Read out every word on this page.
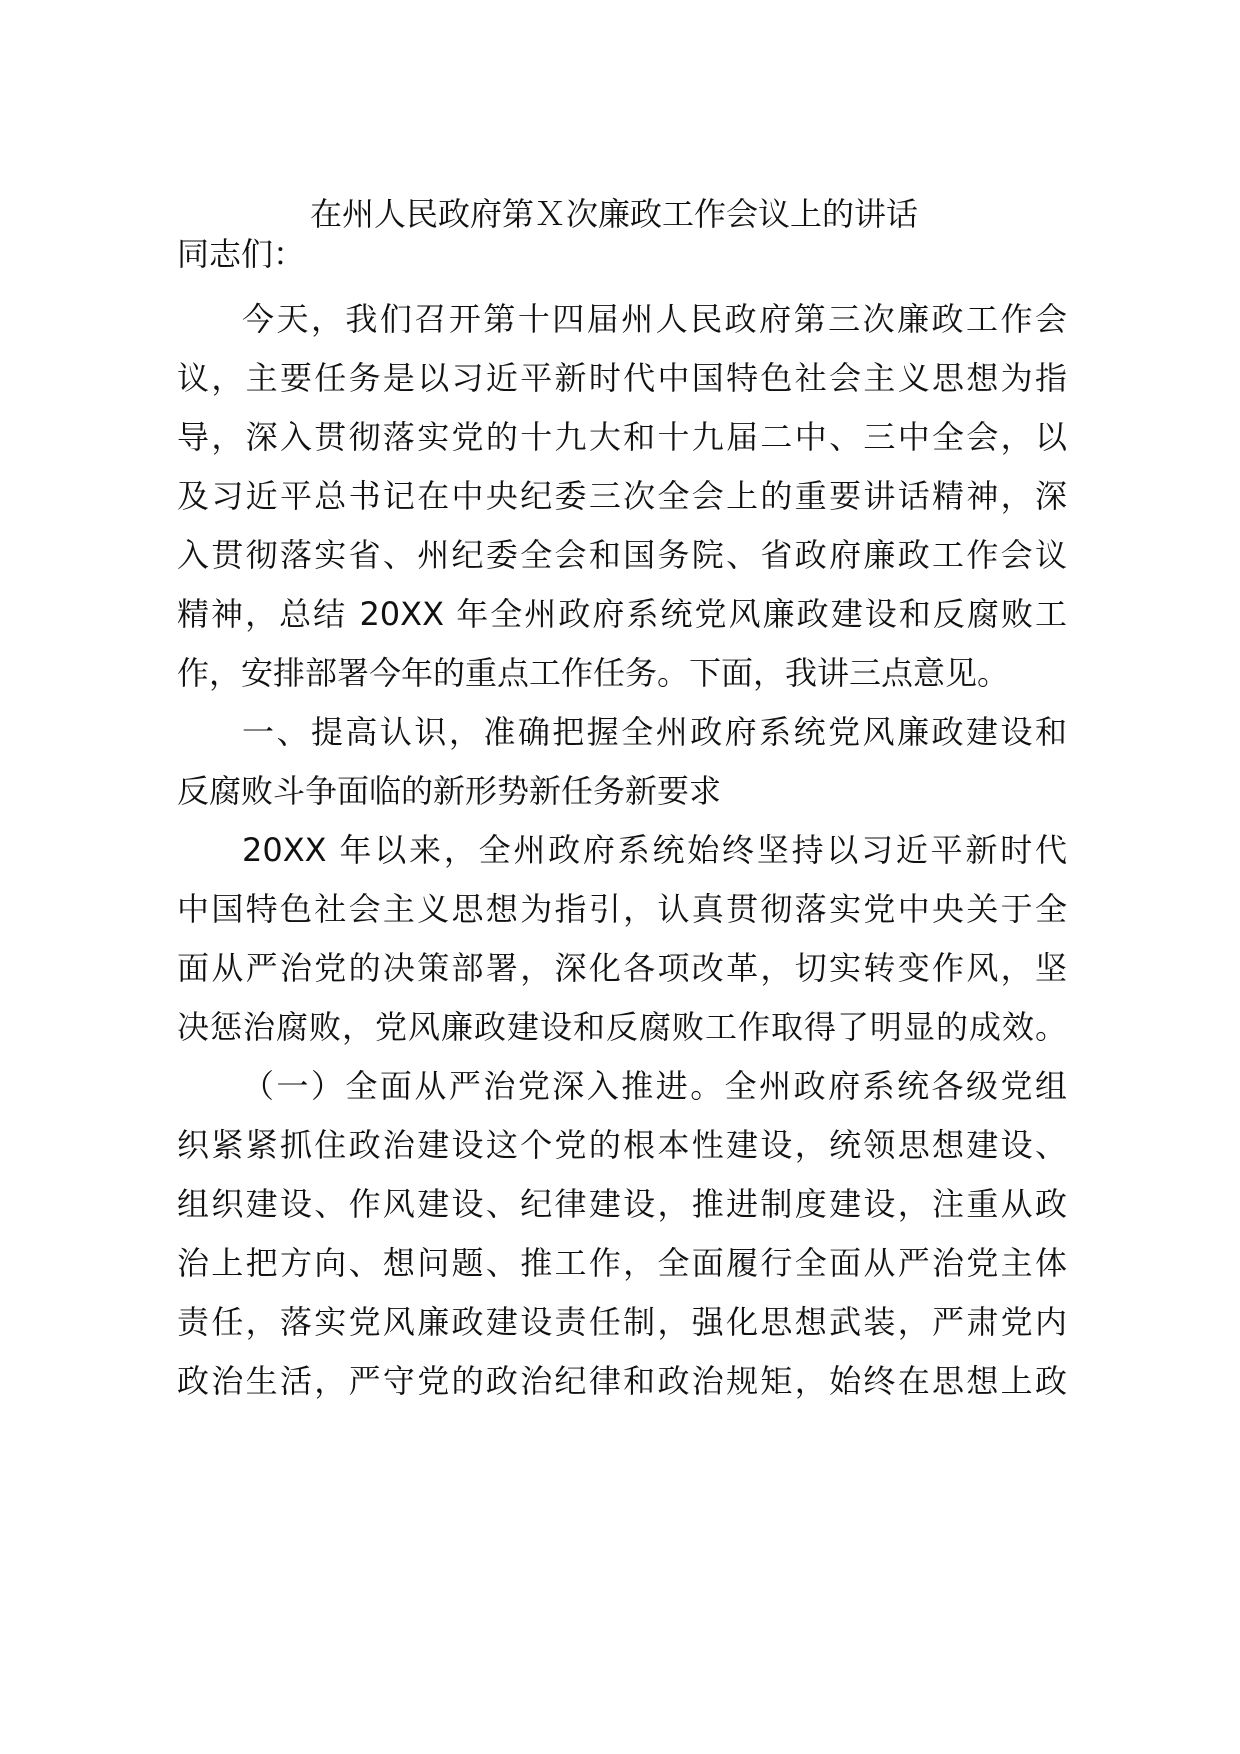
在州人民政府第Ｘ次廉政工作会议上的讲话

同志们：

今天，我们召开第十四届州人民政府第三次廉政工作会

议，主要任务是以习近平新时代中国特色社会主义思想为指

导，深入贯彻落实党的十九大和十九届二中、三中全会，以

及习近平总书记在中央纪委三次全会上的重要讲话精神，深

入贯彻落实省、州纪委全会和国务院、省政府廉政工作会议

精神，总结 20XX 年全州政府系统党风廉政建设和反腐败工

作，安排部署今年的重点工作任务。下面，我讲三点意见。

一、提高认识，准确把握全州政府系统党风廉政建设和

反腐败斗争面临的新形势新任务新要求

20XX 年以来，全州政府系统始终坚持以习近平新时代

中国特色社会主义思想为指引，认真贯彻落实党中央关于全

面从严治党的决策部署，深化各项改革，切实转变作风，坚

决惩治腐败，党风廉政建设和反腐败工作取得了明显的成效。

（一）全面从严治党深入推进。全州政府系统各级党组

织紧紧抓住政治建设这个党的根本性建设，统领思想建设、

组织建设、作风建设、纪律建设，推进制度建设，注重从政

治上把方向、想问题、推工作，全面履行全面从严治党主体

责任，落实党风廉政建设责任制，强化思想武装，严肃党内

政治生活，严守党的政治纪律和政治规矩，始终在思想上政
